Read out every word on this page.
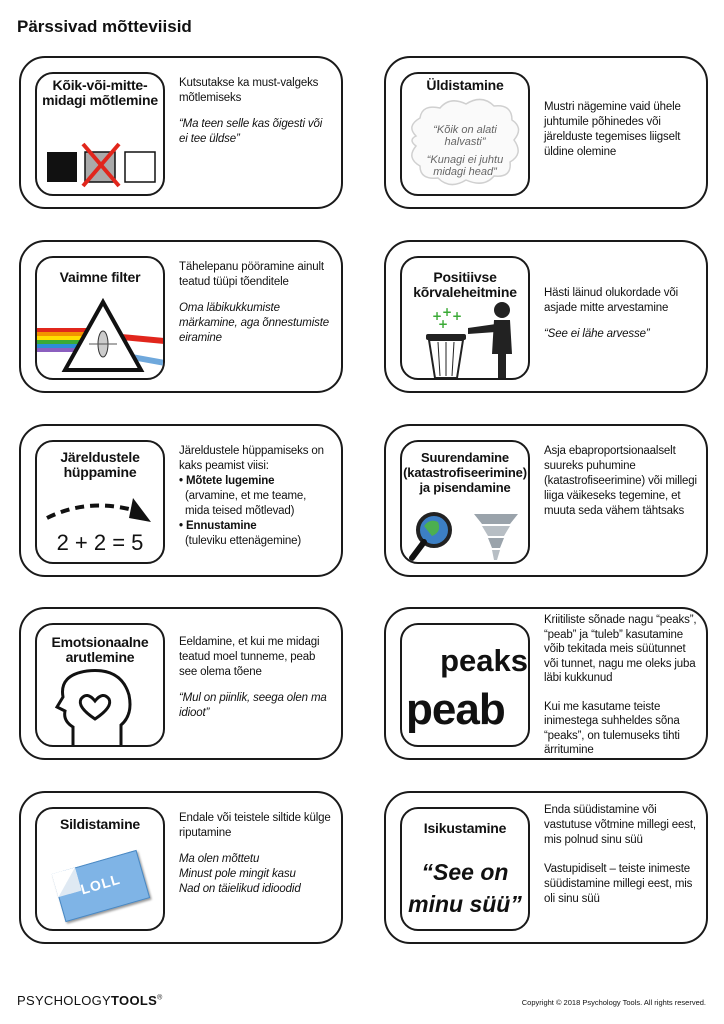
Pärssivad mõtteviisid
Kõik-või-mitte-midagi mõtlemine

Kutsutakse ka must-valgeks mõtlemiseks

“Ma teen selle kas õigesti või ei tee üldse”

Üldistamine
“Kõik on alati halvasti”
“Kunagi ei juhtu midagi head”

Mustri nägemine vaid ühele juhtumile põhinedes või järelduste tegemises liigselt üldine olemine

Vaimne filter

Tähelepanu pööramine ainult teatud tüüpi tõenditele

Oma läbikukkumiste märkamine, aga õnnestumiste eiramine

Positiivse kõrvaleheitmine
+ + +
+

Hästi läinud olukordade või asjade mitte arvestamine

“See ei lähe arvesse”

Järeldustele hüppamine
2 + 2 = 5

Järeldustele hüppamiseks on kaks peamist viisi:

• Mõtete lugemine
(arvamine, et me teame, mida teised mõtlevad)
• Ennustamine
(tuleviku ettenägemine)
Suurendamine (katastrofiseerimine) ja pisendamine

Asja ebaproportsionaalselt suureks puhumine (katastrofiseerimine) või millegi liiga väikeseks tegemine, et muuta seda vähem tähtsaks

Emotsionaalne arutlemine

Eeldamine, et kui me midagi teatud moel tunneme, peab see olema tõene

“Mul on piinlik, seega olen ma idioot”

peaks
peab

Kriitiliste sõnade nagu “peaks”, “peab” ja “tuleb” kasutamine võib tekitada meis süütunnet või tunnet, nagu me oleks juba läbi kukkunud

Kui me kasutame teiste inimestega suhheldes sõna “peaks”, on tulemuseks tihti ärritumine

Sildistamine
LOLL

Endale või teistele siltide külge riputamine

Ma olen mõttetu

Minust pole mingit kasu

Nad on täielikud idioodid

Isikustamine
“See on
minu süü”

Enda süüdistamine või vastutuse võtmine millegi eest, mis polnud sinu süü

Vastupidiselt – teiste inimeste süüdistamine millegi eest, mis oli sinu süü

PSYCHOLOGYTOOLS®	Copyright © 2018 Psychology Tools. All rights reserved.
